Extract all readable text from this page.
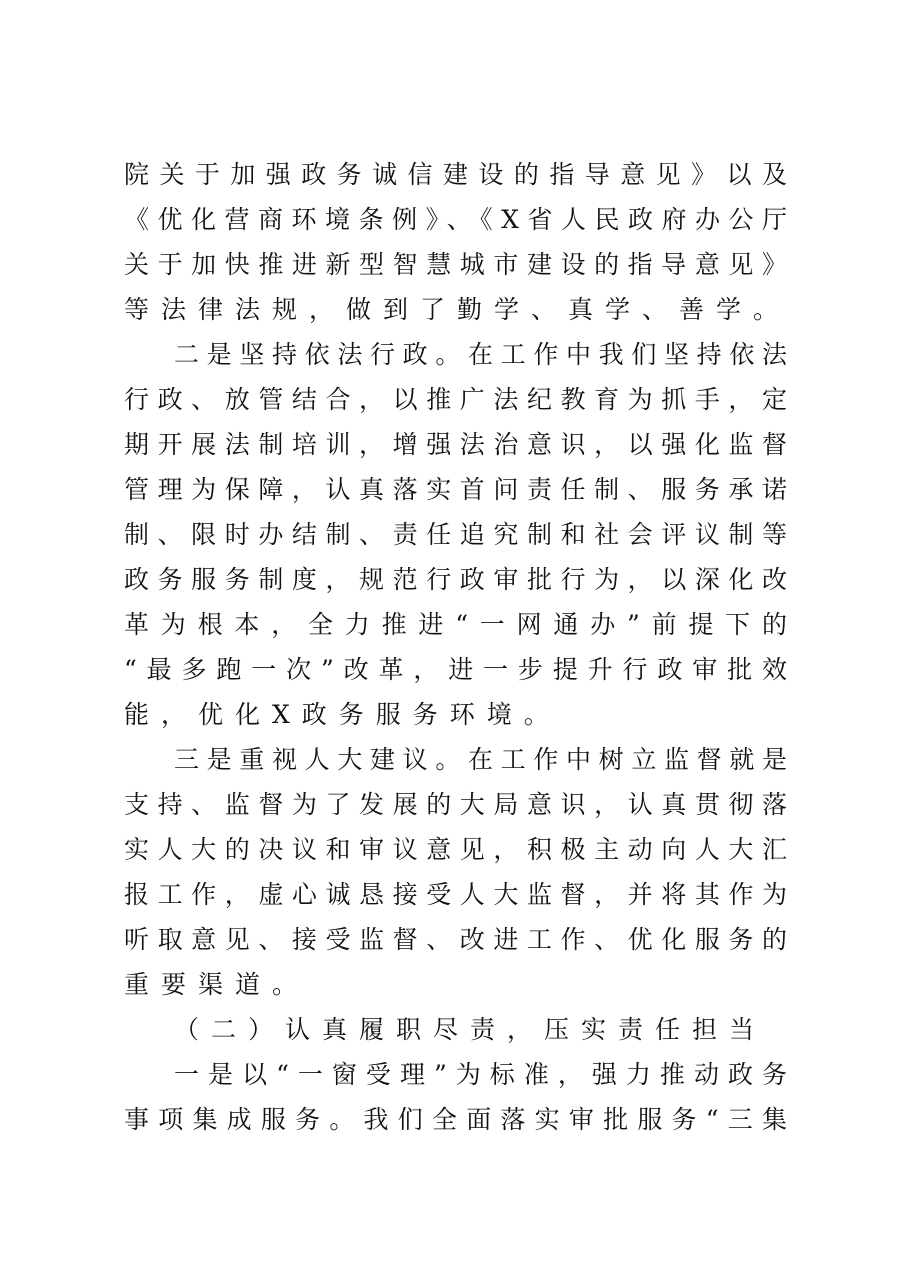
院关于加强政务诚信建设的指导意见》以及
《优化营商环境条例》、《X省人民政府办公厅
关于加快推进新型智慧城市建设的指导意见》
等法律法规，做到了勤学、真学、善学。
二是坚持依法行政。在工作中我们坚持依法
行政、放管结合，以推广法纪教育为抓手，定
期开展法制培训，增强法治意识，以强化监督
管理为保障，认真落实首问责任制、服务承诺
制、限时办结制、责任追究制和社会评议制等
政务服务制度，规范行政审批行为，以深化改
革为根本，全力推进“一网通办”前提下的
“最多跑一次”改革，进一步提升行政审批效
能，优化X政务服务环境。
三是重视人大建议。在工作中树立监督就是
支持、监督为了发展的大局意识，认真贯彻落
实人大的决议和审议意见，积极主动向人大汇
报工作，虚心诚恳接受人大监督，并将其作为
听取意见、接受监督、改进工作、优化服务的
重要渠道。
（二）认真履职尽责，压实责任担当
一是以“一窗受理”为标准，强力推动政务
事项集成服务。我们全面落实审批服务“三集
